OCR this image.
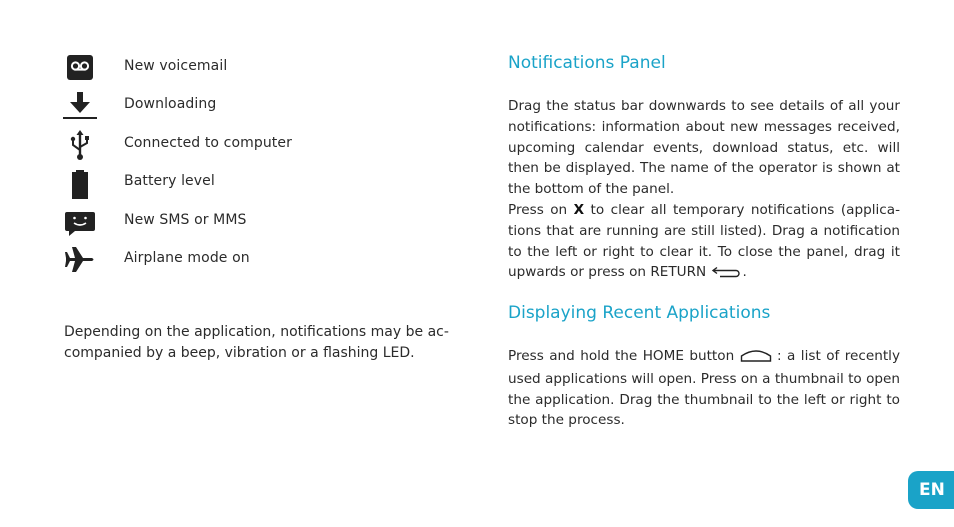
New voicemail
Downloading
Connected to computer
Battery level
New SMS or MMS
Airplane mode on

Depending on the application, notifications may be ac-companied by a beep, vibration or a flashing LED.

Notifications Panel

Drag the status bar downwards to see details of all your notifications: information about new messages received, upcoming calendar events, download status, etc. will then be displayed. The name of the operator is shown at the bottom of the panel.

Press on X to clear all temporary notifications (applica-tions that are running are still listed). Drag a notification to the left or right to clear it. To close the panel, drag it upwards or press on RETURN .

Displaying Recent Applications

Press and hold the HOME button  : a list of recently used applications will open. Press on a thumbnail to open the application. Drag the thumbnail to the left or right to stop the process.

EN
